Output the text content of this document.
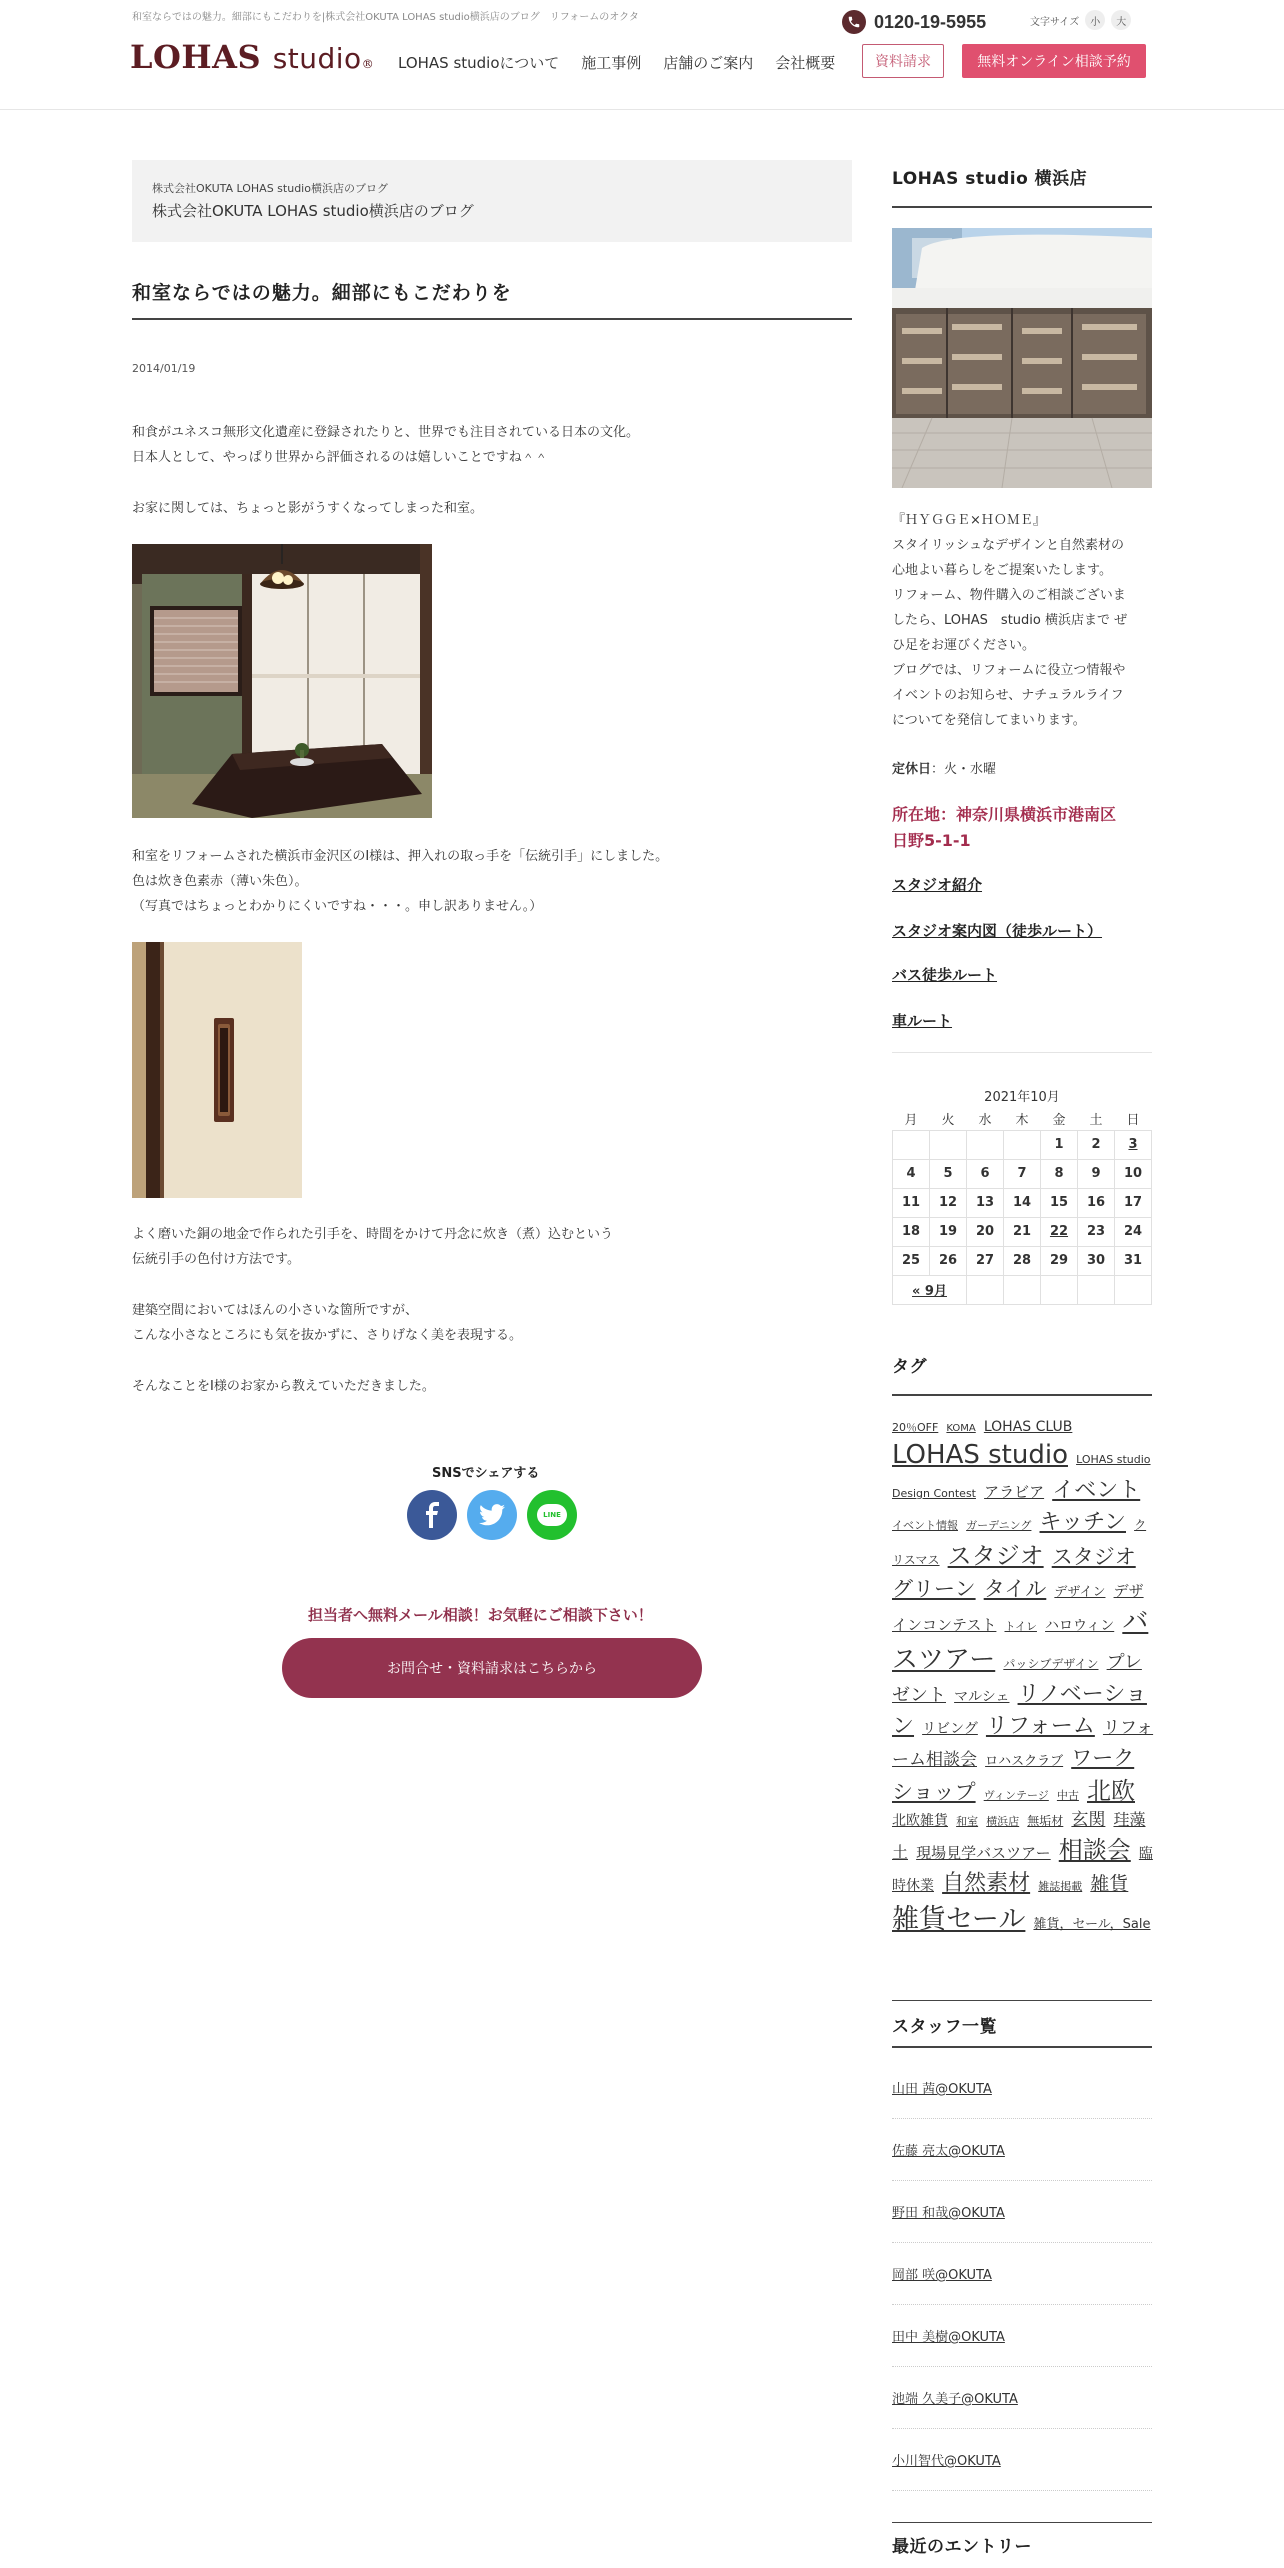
和室ならではの魅力。細部にもこだわりを|株式会社OKUTA LOHAS studio横浜店のブログ　リフォームのオクタ
LOHAS studio®
0120-19-5955	文字サイズ	小	大
LOHAS studioについて 施工事例 店舗のご案内 会社概要	資料請求	無料オンライン相談予約
株式会社OKUTA LOHAS studio横浜店のブログ
株式会社OKUTA LOHAS studio横浜店のブログ
和室ならではの魅力。細部にもこだわりを
2014/01/19
和食がユネスコ無形文化遺産に登録されたりと、世界でも注目されている日本の文化。
日本人として、やっぱり世界から評価されるのは嬉しいことですね＾＾
お家に関しては、ちょっと影がうすくなってしまった和室。
和室をリフォームされた横浜市金沢区のI様は、押入れの取っ手を「伝統引手」にしました。
色は炊き色素赤（薄い朱色）。
（写真ではちょっとわかりにくいですね・・・。申し訳ありません。）
よく磨いた銅の地金で作られた引手を、時間をかけて丹念に炊き（煮）込むという
伝統引手の色付け方法です。
建築空間においてはほんの小さいな箇所ですが、
こんな小さなところにも気を抜かずに、さりげなく美を表現する。
そんなことをI様のお家から教えていただきました。
SNSでシェアする
LINE
担当者へ無料メール相談！お気軽にご相談下さい！
お問合せ・資料請求はこちらから
LOHAS studio 横浜店
『ＨＹＧＧＥ×ＨＯＭＥ』
スタイリッシュなデザインと自然素材の
心地よい暮らしをご提案いたします。
リフォーム、物件購入のご相談ございま
したら、LOHAS　studio 横浜店まで ぜ
ひ足をお運びください。
ブログでは、リフォームに役立つ情報や
イベントのお知らせ、ナチュラルライフ
についてを発信してまいります。
定休日：火・水曜
所在地：神奈川県横浜市港南区
日野5-1-1
スタジオ紹介
スタジオ案内図（徒歩ルート）
バス徒歩ルート
車ルート
2021年10月
月	火	水	木	金	土	日
				1	2	3
4	5	6	7	8	9	10
11	12	13	14	15	16	17
18	19	20	21	22	23	24
25	26	27	28	29	30	31
« 9月						
タグ
20％OFF KOMA LOHAS CLUB LOHAS studio LOHAS studio Design Contest アラビア イベント イベント情報 ガーデニング キッチン クリスマス スタジオ スタジオグリーン タイル デザイン デザインコンテスト トイレ ハロウィン バスツアー パッシブデザイン プレゼント マルシェ リノベーション リビング リフォーム リフォーム相談会 ロハスクラブ ワークショップ ヴィンテージ 中古 北欧 北欧雑貨 和室 横浜店 無垢材 玄関 珪藻土 現場見学バスツアー 相談会 臨時休業 自然素材 雑誌掲載 雑貨 雑貨セール 雑貨，セール，Sale
スタッフ一覧
山田 茜@OKUTA
佐藤 亮太@OKUTA
野田 和哉@OKUTA
岡部 咲@OKUTA
田中 美樹@OKUTA
池端 久美子@OKUTA
小川智代@OKUTA
最近のエントリー
